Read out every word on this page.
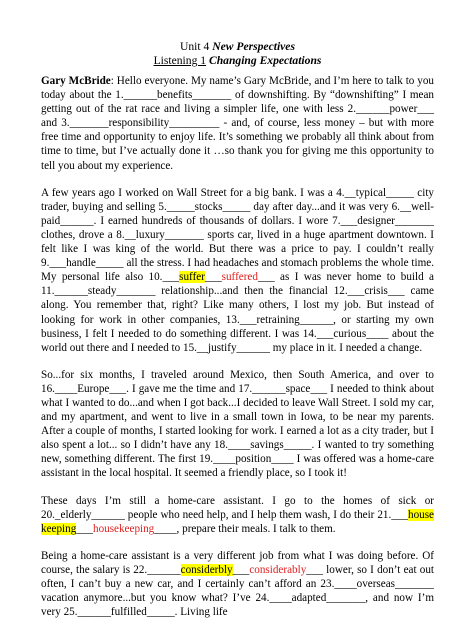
Unit 4 New Perspectives
Listening 1 Changing Expectations

Gary McBride: Hello everyone. My name’s Gary McBride, and I’m here to talk to you today about the 1.______benefits_______ of downshifting. By “downshifting” I mean getting out of the rat race and living a simpler life, one with less 2.______power___ and 3._______responsibility_________ - and, of course, less money – but with more free time and opportunity to enjoy life. It’s something we probably all think about from time to time, but I’ve actually done it …so thank you for giving me this opportunity to tell you about my experience.

A few years ago I worked on Wall Street for a big bank. I was a 4.__typical_____ city trader, buying and selling 5._____stocks_____ day after day...and it was very 6.__well-paid______. I earned hundreds of thousands of dollars. I wore 7.___designer_______ clothes, drove a 8.__luxury_______ sports car, lived in a huge apartment downtown. I felt like I was king of the world. But there was a price to pay. I couldn’t really 9.___handle_____ all the stress. I had headaches and stomach problems the whole time. My personal life also 10.___suffer___suffered___ as I was never home to build a 11.______steady_______ relationship...and then the financial 12.___crisis___ came along. You remember that, right? Like many others, I lost my job. But instead of looking for work in other companies, 13.___retraining______, or starting my own business, I felt I needed to do something different. I was 14.___curious____ about the world out there and I needed to 15.__justify______ my place in it. I needed a change.

So...for six months, I traveled around Mexico, then South America, and over to 16.____Europe___. I gave me the time and 17.______space___ I needed to think about what I wanted to do...and when I got back...I decided to leave Wall Street. I sold my car, and my apartment, and went to live in a small town in Iowa, to be near my parents. After a couple of months, I started looking for work. I earned a lot as a city trader, but I also spent a lot... so I didn’t have any 18.____savings_____. I wanted to try something new, something different. The first 19.____position____ I was offered was a home-care assistant in the local hospital. It seemed a friendly place, so I took it!

These days I’m still a home-care assistant. I go to the homes of sick or 20._elderly______ people who need help, and I help them wash, I do their 21.___house keeping___housekeeping____, prepare their meals. I talk to them.

Being a home-care assistant is a very different job from what I was doing before. Of course, the salary is 22.______considerbly___considerably___ lower, so I don’t eat out often, I can’t buy a new car, and I certainly can’t afford an 23.____overseas_______ vacation anymore...but you know what? I’ve 24.____adapted_______, and now I’m very 25.______fulfilled_____. Living life
